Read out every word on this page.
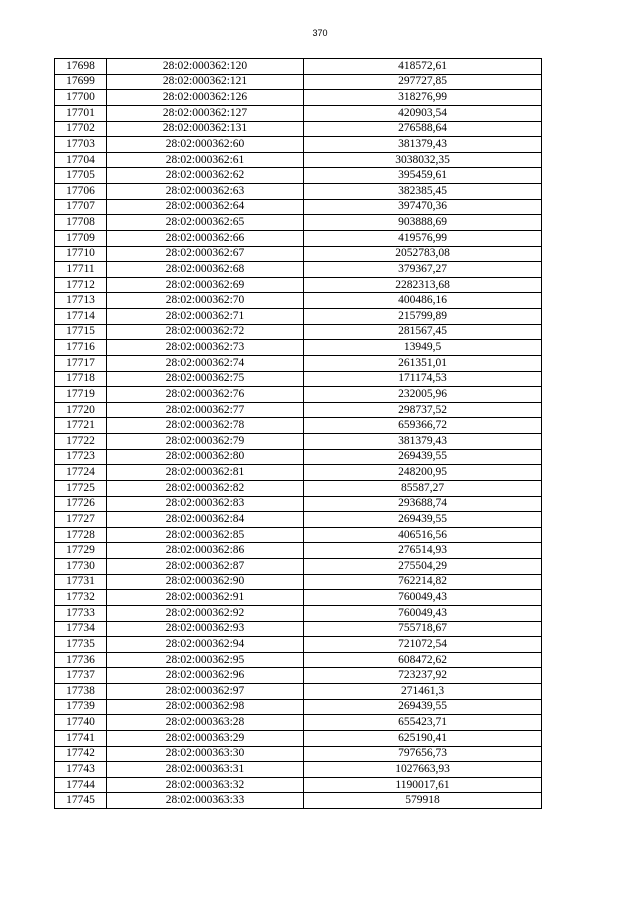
370
17698	28:02:000362:120	418572,61
17699	28:02:000362:121	297727,85
17700	28:02:000362:126	318276,99
17701	28:02:000362:127	420903,54
17702	28:02:000362:131	276588,64
17703	28:02:000362:60	381379,43
17704	28:02:000362:61	3038032,35
17705	28:02:000362:62	395459,61
17706	28:02:000362:63	382385,45
17707	28:02:000362:64	397470,36
17708	28:02:000362:65	903888,69
17709	28:02:000362:66	419576,99
17710	28:02:000362:67	2052783,08
17711	28:02:000362:68	379367,27
17712	28:02:000362:69	2282313,68
17713	28:02:000362:70	400486,16
17714	28:02:000362:71	215799,89
17715	28:02:000362:72	281567,45
17716	28:02:000362:73	13949,5
17717	28:02:000362:74	261351,01
17718	28:02:000362:75	171174,53
17719	28:02:000362:76	232005,96
17720	28:02:000362:77	298737,52
17721	28:02:000362:78	659366,72
17722	28:02:000362:79	381379,43
17723	28:02:000362:80	269439,55
17724	28:02:000362:81	248200,95
17725	28:02:000362:82	85587,27
17726	28:02:000362:83	293688,74
17727	28:02:000362:84	269439,55
17728	28:02:000362:85	406516,56
17729	28:02:000362:86	276514,93
17730	28:02:000362:87	275504,29
17731	28:02:000362:90	762214,82
17732	28:02:000362:91	760049,43
17733	28:02:000362:92	760049,43
17734	28:02:000362:93	755718,67
17735	28:02:000362:94	721072,54
17736	28:02:000362:95	608472,62
17737	28:02:000362:96	723237,92
17738	28:02:000362:97	271461,3
17739	28:02:000362:98	269439,55
17740	28:02:000363:28	655423,71
17741	28:02:000363:29	625190,41
17742	28:02:000363:30	797656,73
17743	28:02:000363:31	1027663,93
17744	28:02:000363:32	1190017,61
17745	28:02:000363:33	579918
